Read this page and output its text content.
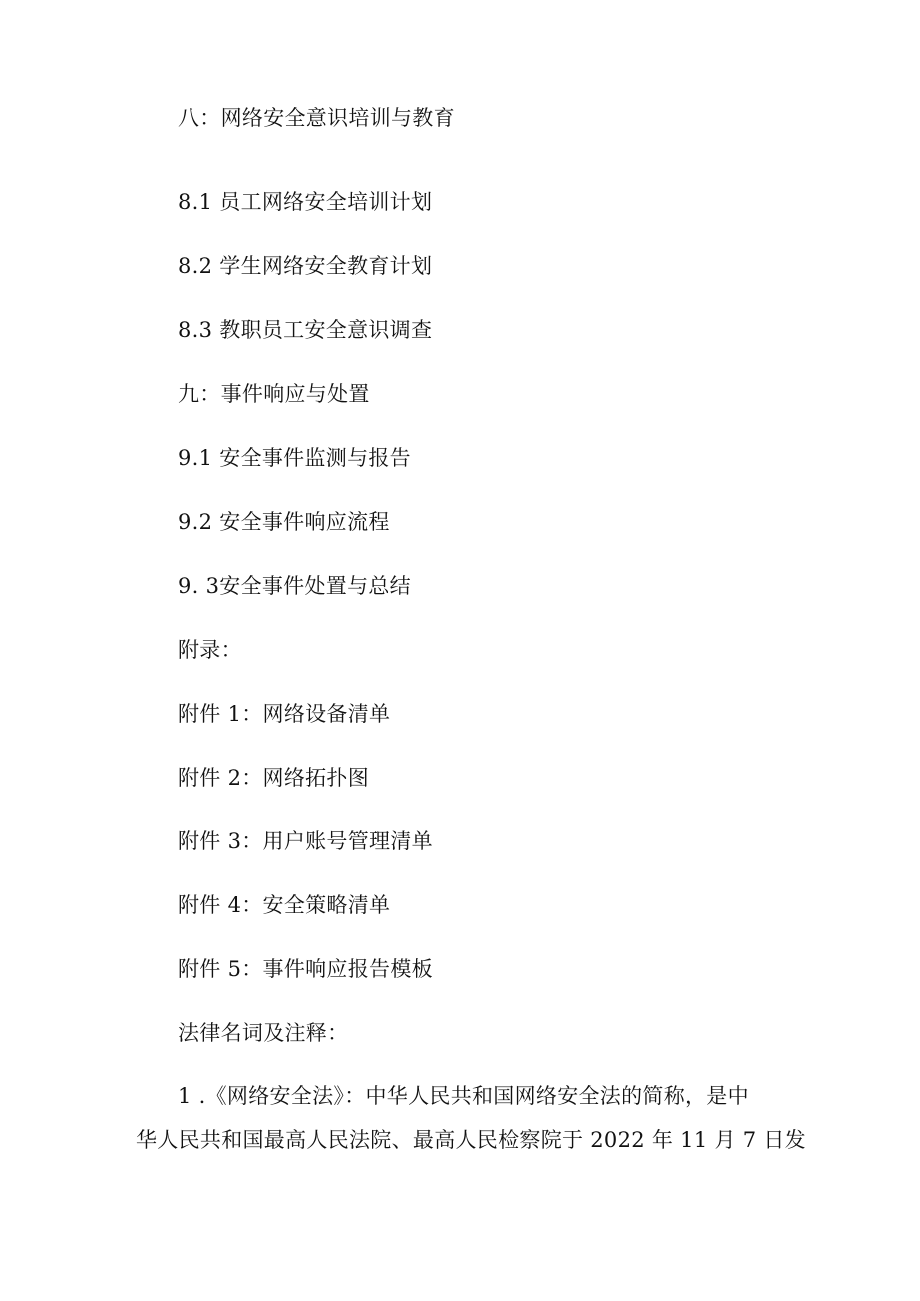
八：网络安全意识培训与教育
8.1 员工网络安全培训计划
8.2 学生网络安全教育计划
8.3 教职员工安全意识调查
九：事件响应与处置
9.1 安全事件监测与报告
9.2 安全事件响应流程
9. 3安全事件处置与总结
附录：
附件 1：网络设备清单
附件 2：网络拓扑图
附件 3：用户账号管理清单
附件 4：安全策略清单
附件 5：事件响应报告模板
法律名词及注释：
1 .《网络安全法》：中华人民共和国网络安全法的简称，是中
华人民共和国最高人民法院、最高人民检察院于 2022 年 11 月 7 日发
